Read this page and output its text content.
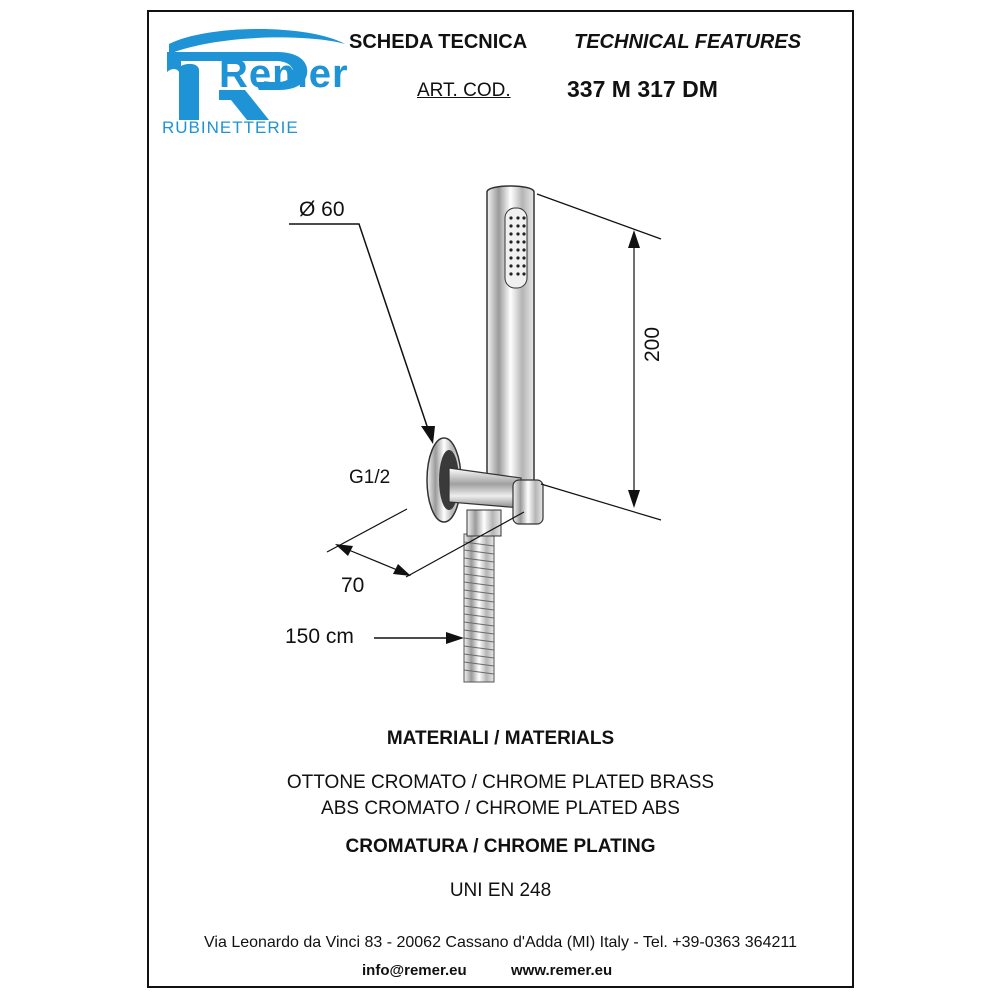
Remer
RUBINETTERIE
SCHEDA TECNICA TECHNICAL FEATURES
ART. COD. 337 M 317 DM
Ø 60
G1/2
200
70
150 cm
MATERIALI / MATERIALS
OTTONE CROMATO / CHROME PLATED BRASS
ABS CROMATO / CHROME PLATED ABS
CROMATURA / CHROME PLATING
UNI EN 248
Via Leonardo da Vinci 83 - 20062 Cassano d'Adda (MI) Italy - Tel. +39-0363 364211
info@remer.eu	www.remer.eu
